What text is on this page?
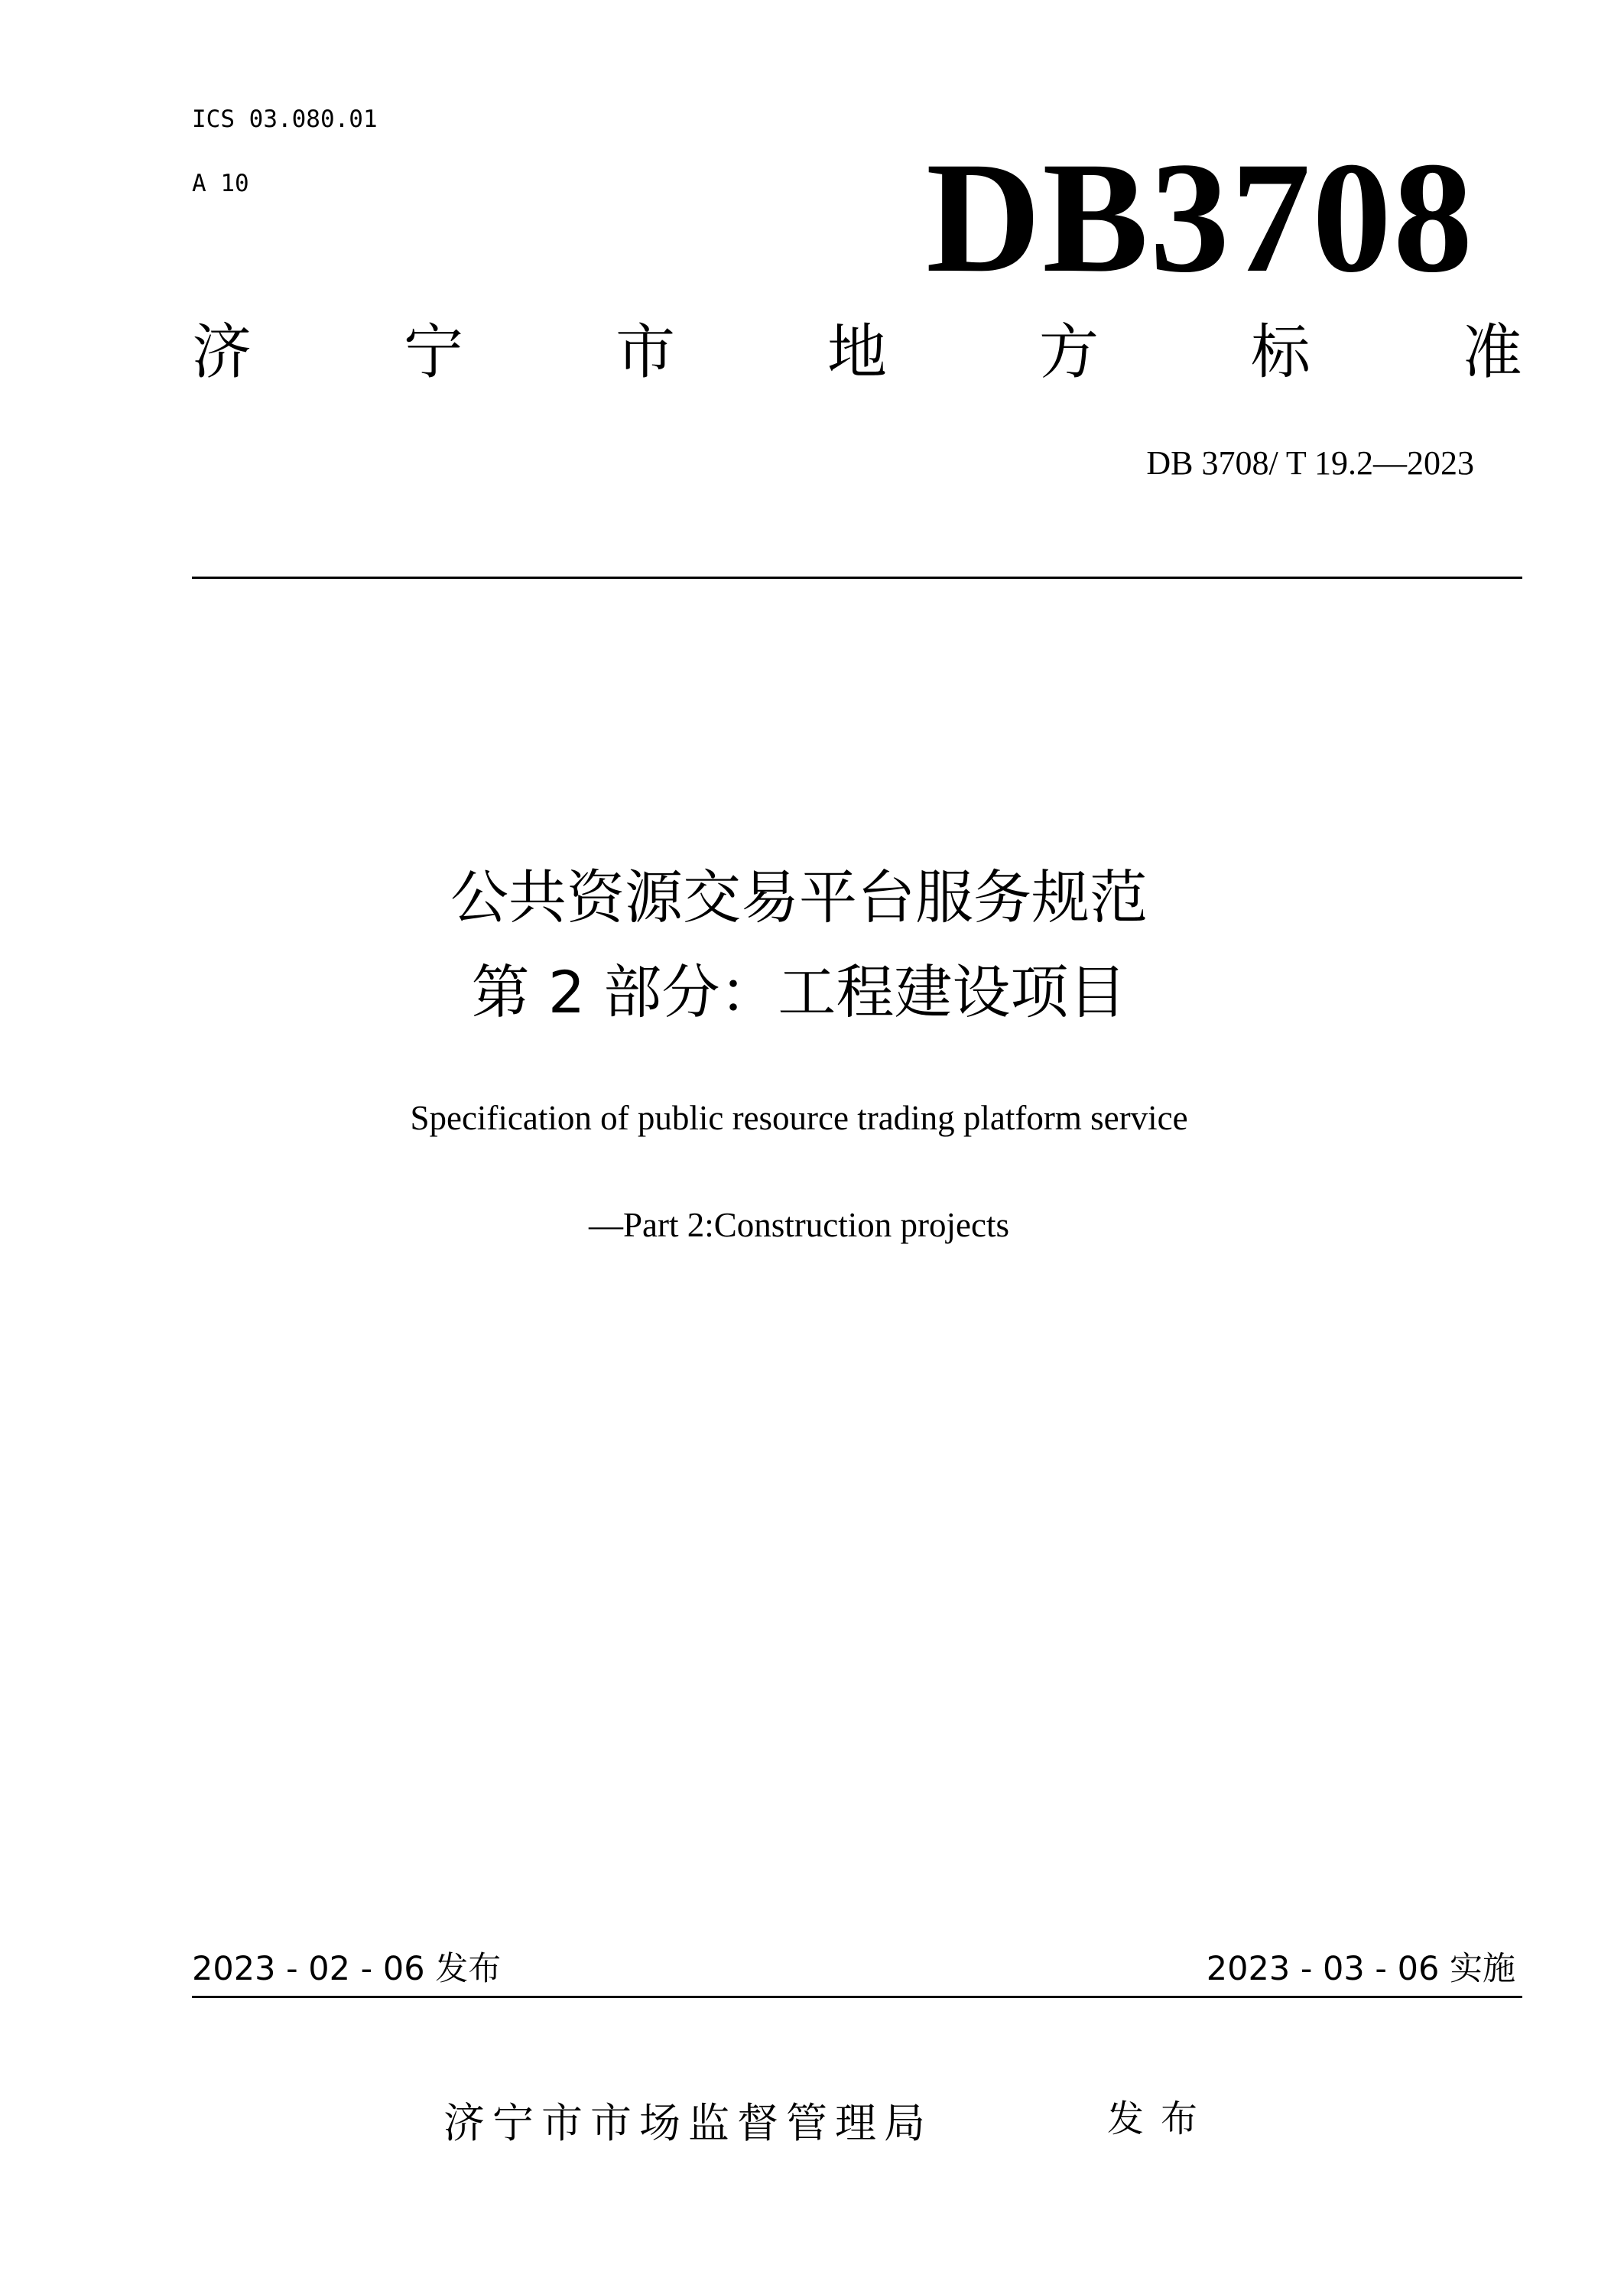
ICS 03.080.01
A 10	DB3708
济	宁	市	地	方	标	准
DB 3708/ T 19.2—2023
公共资源交易平台服务规范
第 2 部分：工程建设项目
Specification of public resource trading platform service
—Part 2:Construction projects
2023 - 02 - 06 发布	2023 - 03 - 06 实施
济宁市市场监督管理局	发布
